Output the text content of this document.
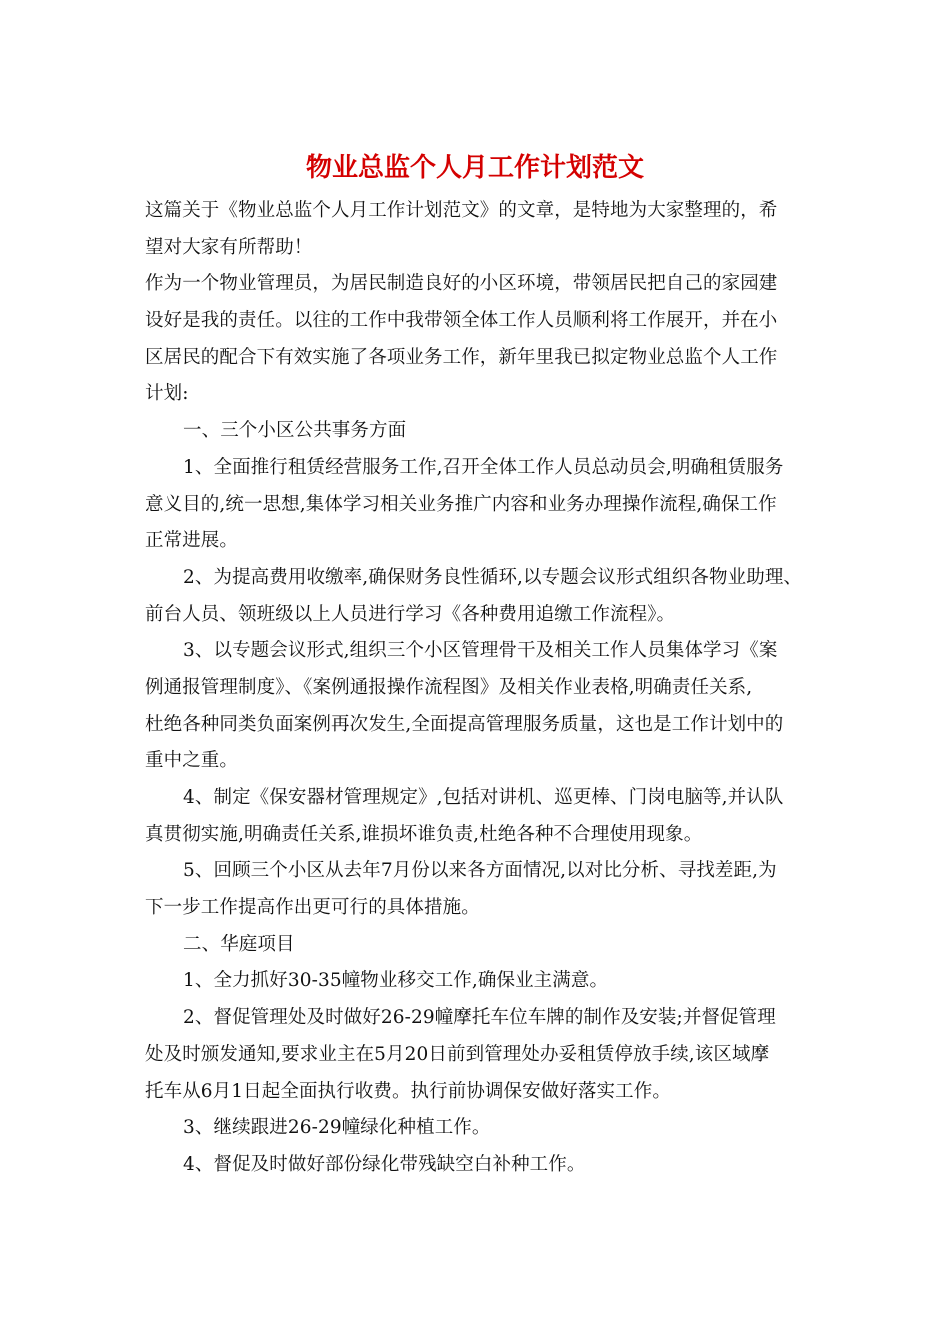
物业总监个人月工作计划范文
这篇关于《物业总监个人月工作计划范文》的文章，是特地为大家整理的，希
望对大家有所帮助！
作为一个物业管理员，为居民制造良好的小区环境，带领居民把自己的家园建
设好是我的责任。以往的工作中我带领全体工作人员顺利将工作展开，并在小
区居民的配合下有效实施了各项业务工作，新年里我已拟定物业总监个人工作
计划:
一、三个小区公共事务方面
1、全面推行租赁经营服务工作,召开全体工作人员总动员会,明确租赁服务
意义目的,统一思想,集体学习相关业务推广内容和业务办理操作流程,确保工作
正常进展。
2、为提高费用收缴率,确保财务良性循环,以专题会议形式组织各物业助理、
前台人员、领班级以上人员进行学习《各种费用追缴工作流程》。
3、以专题会议形式,组织三个小区管理骨干及相关工作人员集体学习《案
例通报管理制度》、《案例通报操作流程图》及相关作业表格,明确责任关系,
杜绝各种同类负面案例再次发生,全面提高管理服务质量，这也是工作计划中的
重中之重。
4、制定《保安器材管理规定》,包括对讲机、巡更棒、门岗电脑等,并认队
真贯彻实施,明确责任关系,谁损坏谁负责,杜绝各种不合理使用现象。
5、回顾三个小区从去年7月份以来各方面情况,以对比分析、寻找差距,为
下一步工作提高作出更可行的具体措施。
二、华庭项目
1、全力抓好30-35幢物业移交工作,确保业主满意。
2、督促管理处及时做好26-29幢摩托车位车牌的制作及安装;并督促管理
处及时颁发通知,要求业主在5月20日前到管理处办妥租赁停放手续,该区域摩
托车从6月1日起全面执行收费。执行前协调保安做好落实工作。
3、继续跟进26-29幢绿化种植工作。
4、督促及时做好部份绿化带残缺空白补种工作。
